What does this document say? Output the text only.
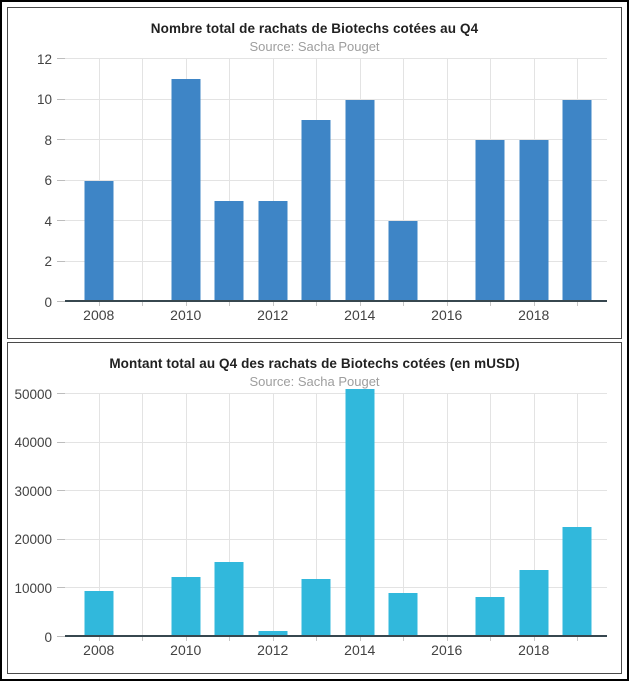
Nombre total de rachats de Biotechs cotées au Q4
Source: Sacha Pouget
0
2
4
6
8
10
12
2008	2010	2012	2014	2016	2018
Montant total au Q4 des rachats de Biotechs cotées (en mUSD)
Source: Sacha Pouget
0
10000
20000
30000
40000
50000
2008	2010	2012	2014	2016	2018
